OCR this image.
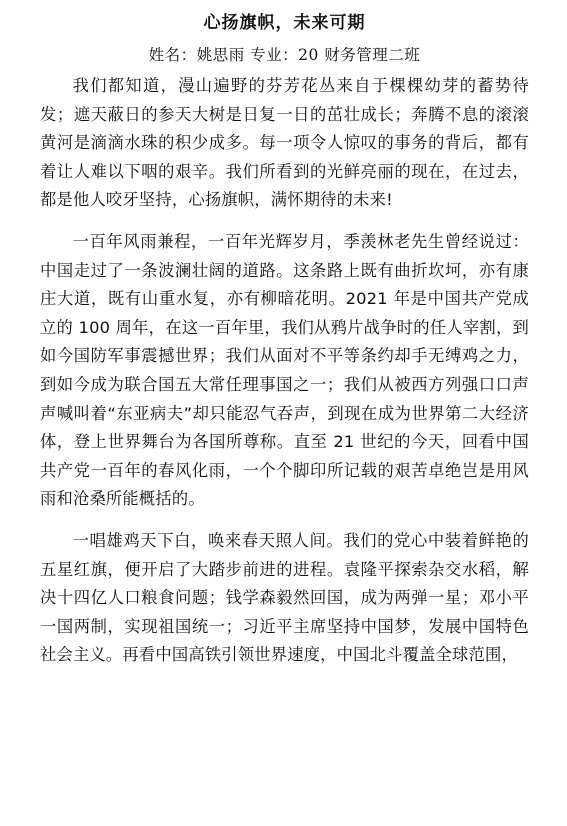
心扬旗帜，未来可期
姓名：姚思雨 专业：20 财务管理二班

我们都知道，漫山遍野的芬芳花丛来自于棵棵幼芽的蓄势待发；遮天蔽日的参天大树是日复一日的茁壮成长；奔腾不息的滚滚黄河是滴滴水珠的积少成多。每一项令人惊叹的事务的背后，都有着让人难以下咽的艰辛。我们所看到的光鲜亮丽的现在，在过去，都是他人咬牙坚持，心扬旗帜，满怀期待的未来!

一百年风雨兼程，一百年光辉岁月，季羡林老先生曾经说过：中国走过了一条波澜壮阔的道路。这条路上既有曲折坎坷，亦有康庄大道，既有山重水复，亦有柳暗花明。2021 年是中国共产党成立的 100 周年，在这一百年里，我们从鸦片战争时的任人宰割，到如今国防军事震撼世界；我们从面对不平等条约却手无缚鸡之力，到如今成为联合国五大常任理事国之一；我们从被西方列强口口声声喊叫着“东亚病夫”却只能忍气吞声，到现在成为世界第二大经济体，登上世界舞台为各国所尊称。直至 21 世纪的今天，回看中国共产党一百年的春风化雨，一个个脚印所记载的艰苦卓绝岂是用风雨和沧桑所能概括的。

一唱雄鸡天下白，唤来春天照人间。我们的党心中装着鲜艳的五星红旗，便开启了大踏步前进的进程。袁隆平探索杂交水稻，解决十四亿人口粮食问题；钱学森毅然回国，成为两弹一星；邓小平一国两制，实现祖国统一；习近平主席坚持中国梦，发展中国特色社会主义。再看中国高铁引领世界速度，中国北斗覆盖全球范围，
